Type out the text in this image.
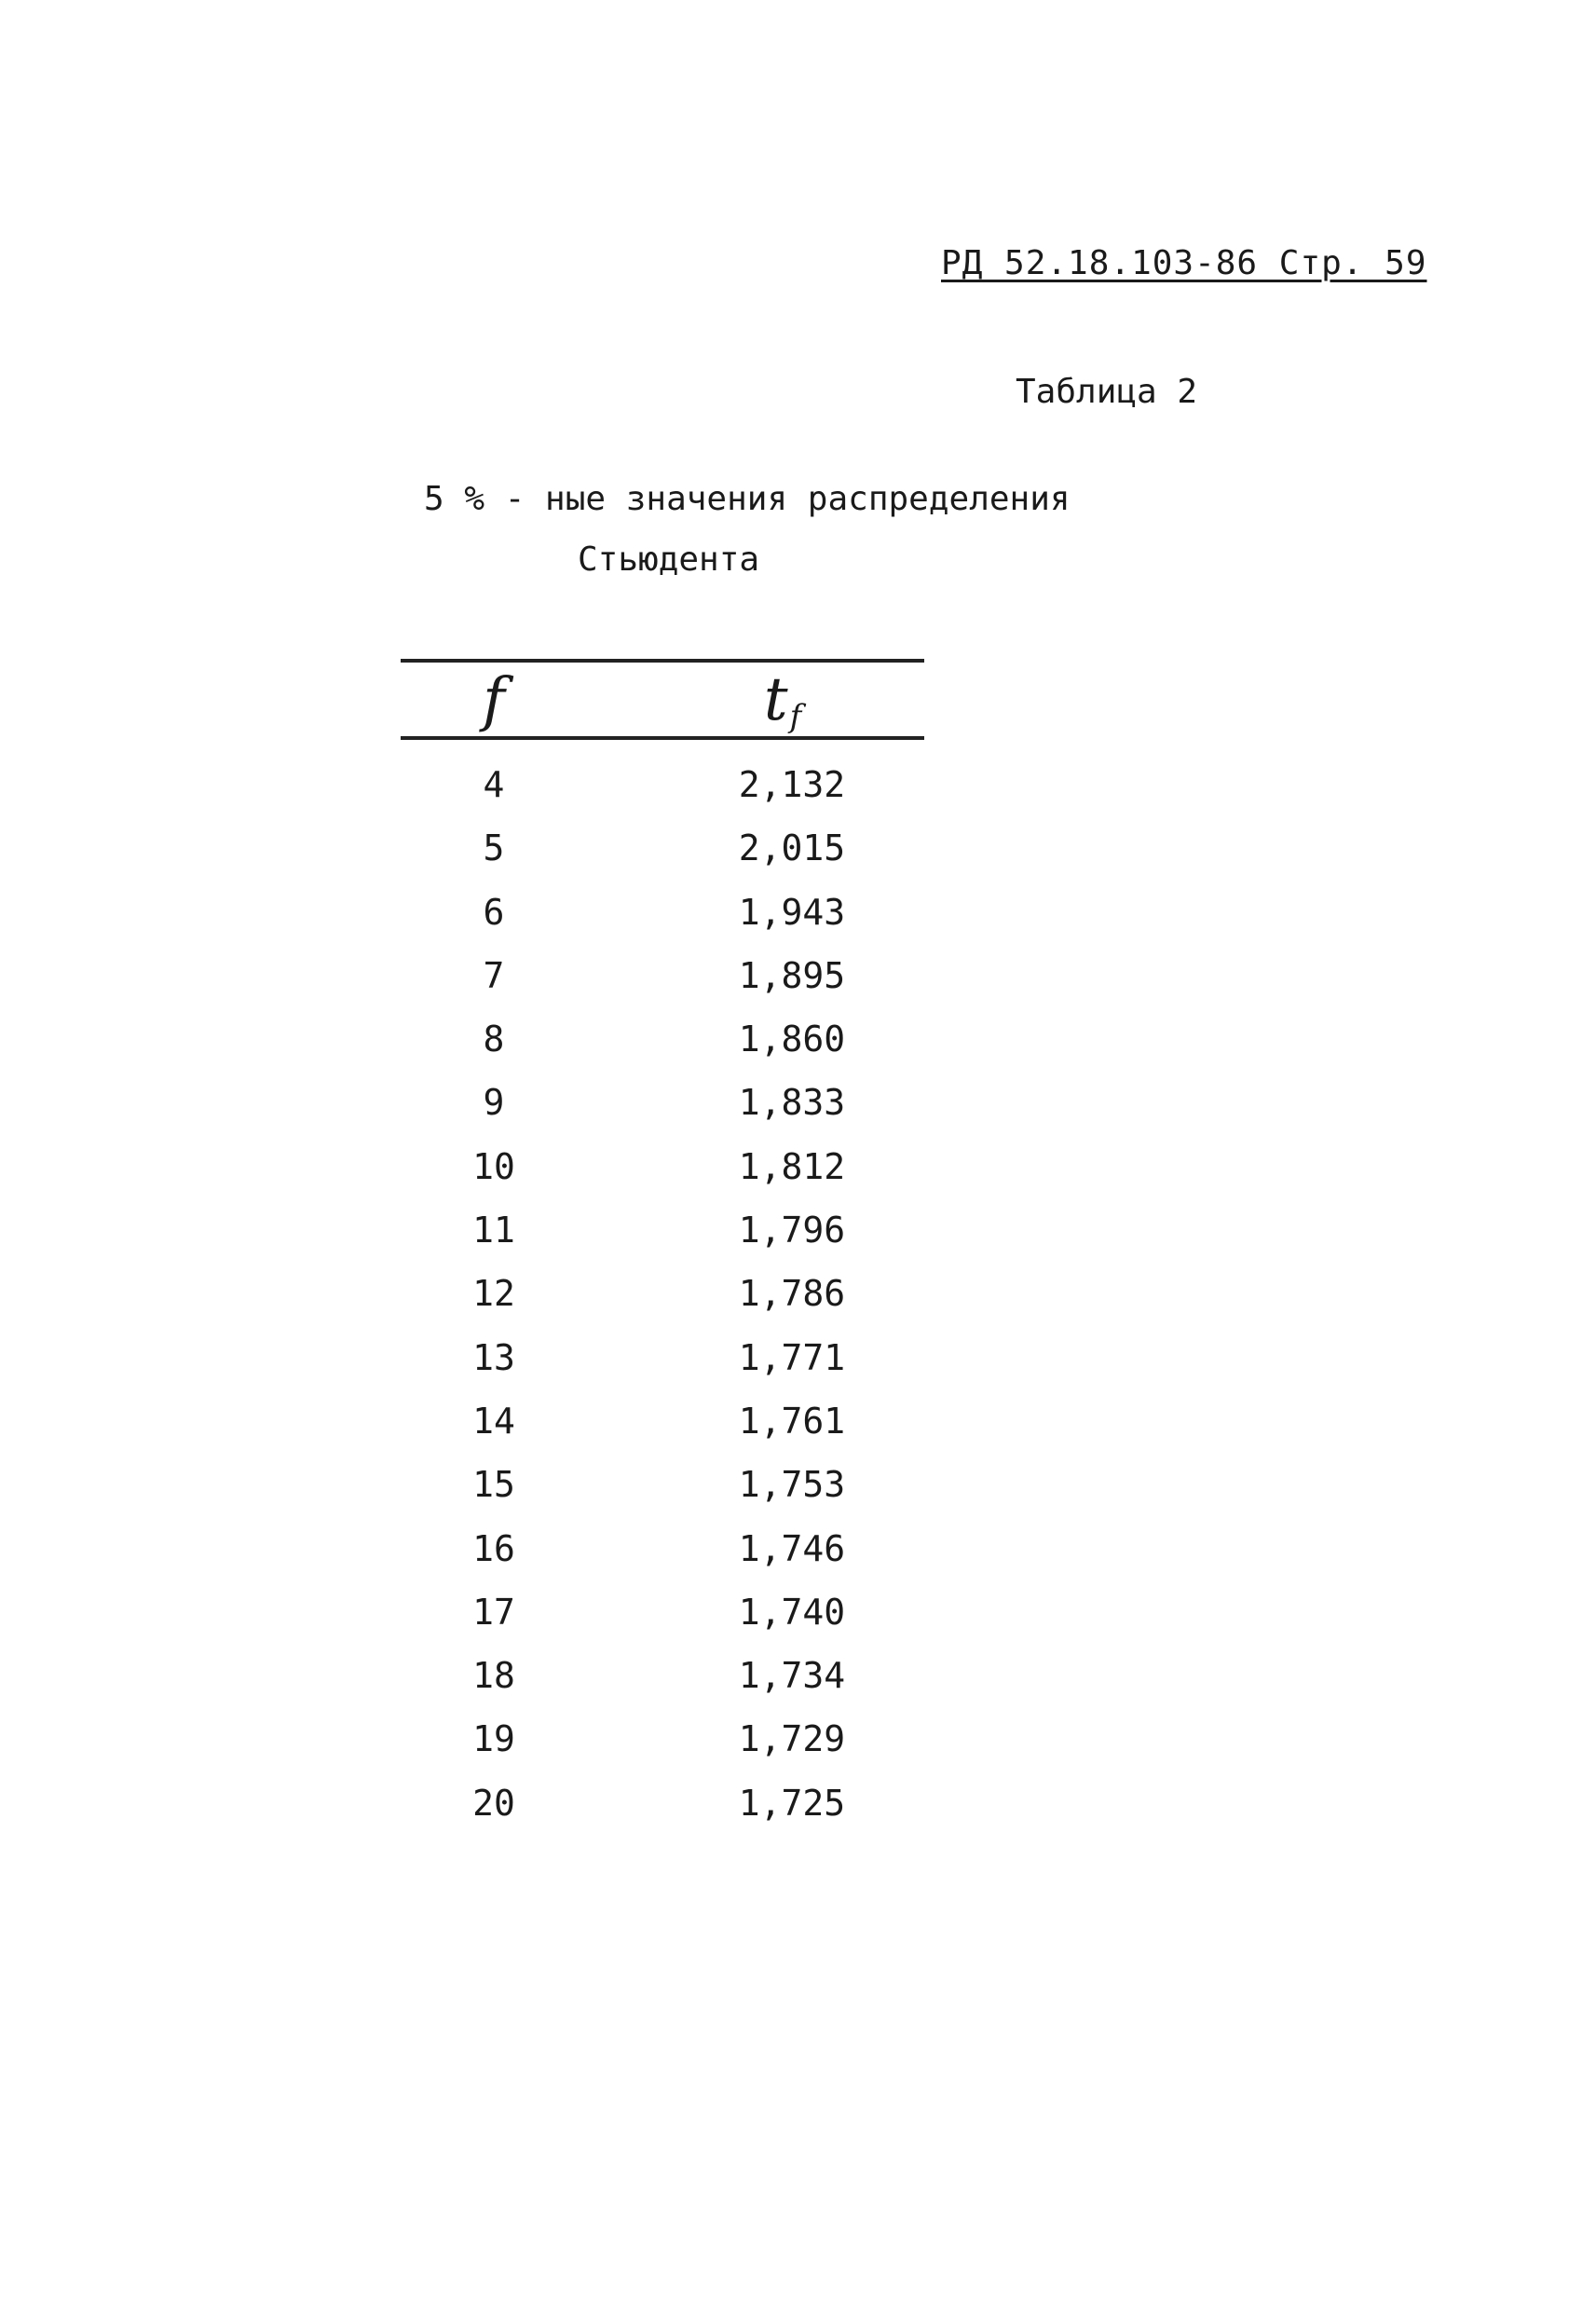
РД 52.18.103-86 Стр. 59
Таблица 2
5 % - ные значения распределения
Стьюдента
f	$t_f$
4	2,132
5	2,015
6	1,943
7	1,895
8	1,860
9	1,833
10	1,812
11	1,796
12	1,786
13	1,771
14	1,761
15	1,753
16	1,746
17	1,740
18	1,734
19	1,729
20	1,725
